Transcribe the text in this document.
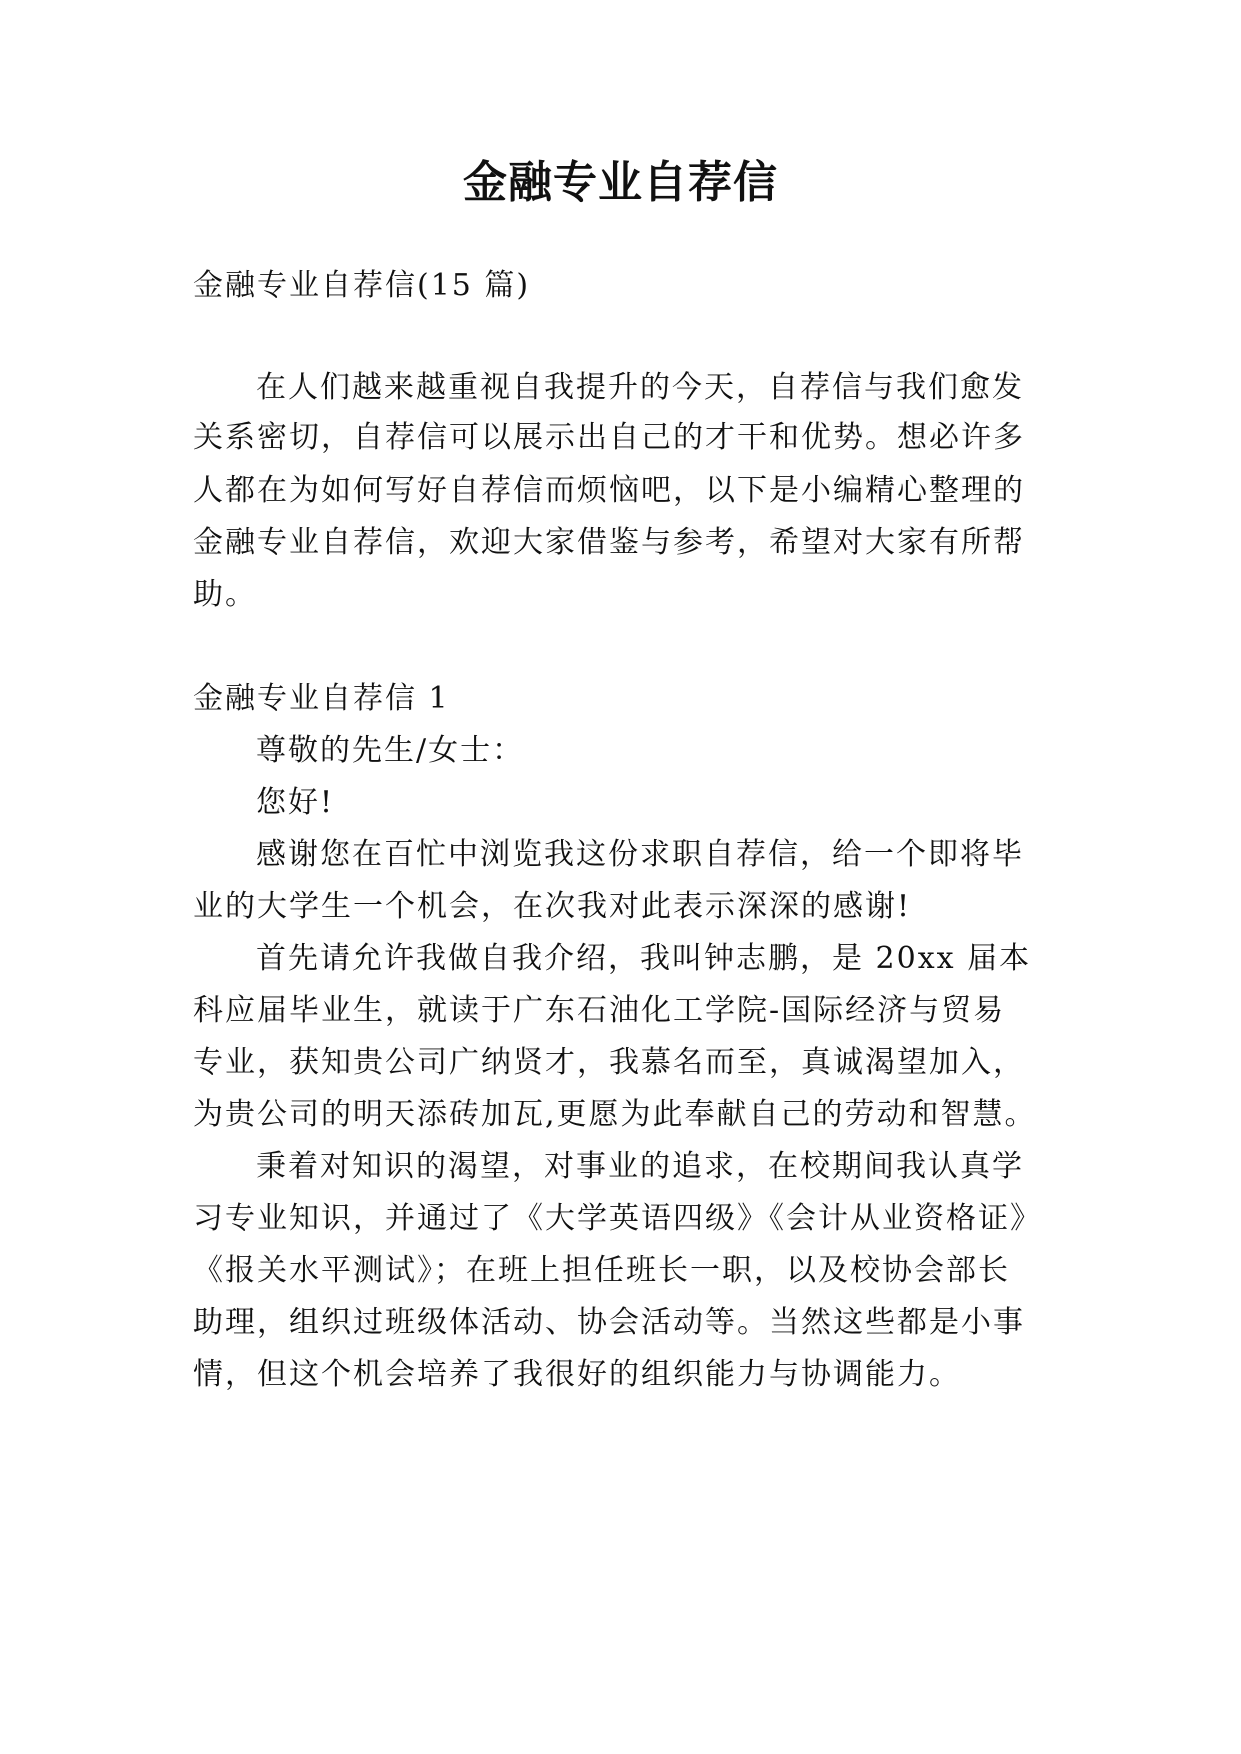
金融专业自荐信

金融专业自荐信(15 篇)

在人们越来越重视自我提升的今天，自荐信与我们愈发

关系密切，自荐信可以展示出自己的才干和优势。想必许多

人都在为如何写好自荐信而烦恼吧，以下是小编精心整理的

金融专业自荐信，欢迎大家借鉴与参考，希望对大家有所帮

助。

金融专业自荐信 1

尊敬的先生/女士：

您好!

感谢您在百忙中浏览我这份求职自荐信，给一个即将毕

业的大学生一个机会，在次我对此表示深深的感谢!

首先请允许我做自我介绍，我叫钟志鹏，是 20xx 届本

科应届毕业生，就读于广东石油化工学院-国际经济与贸易

专业，获知贵公司广纳贤才，我慕名而至，真诚渴望加入，

为贵公司的明天添砖加瓦,更愿为此奉献自己的劳动和智慧。

秉着对知识的渴望，对事业的追求，在校期间我认真学

习专业知识，并通过了《大学英语四级》《会计从业资格证》

《报关水平测试》；在班上担任班长一职，以及校协会部长

助理，组织过班级体活动、协会活动等。当然这些都是小事

情，但这个机会培养了我很好的组织能力与协调能力。
